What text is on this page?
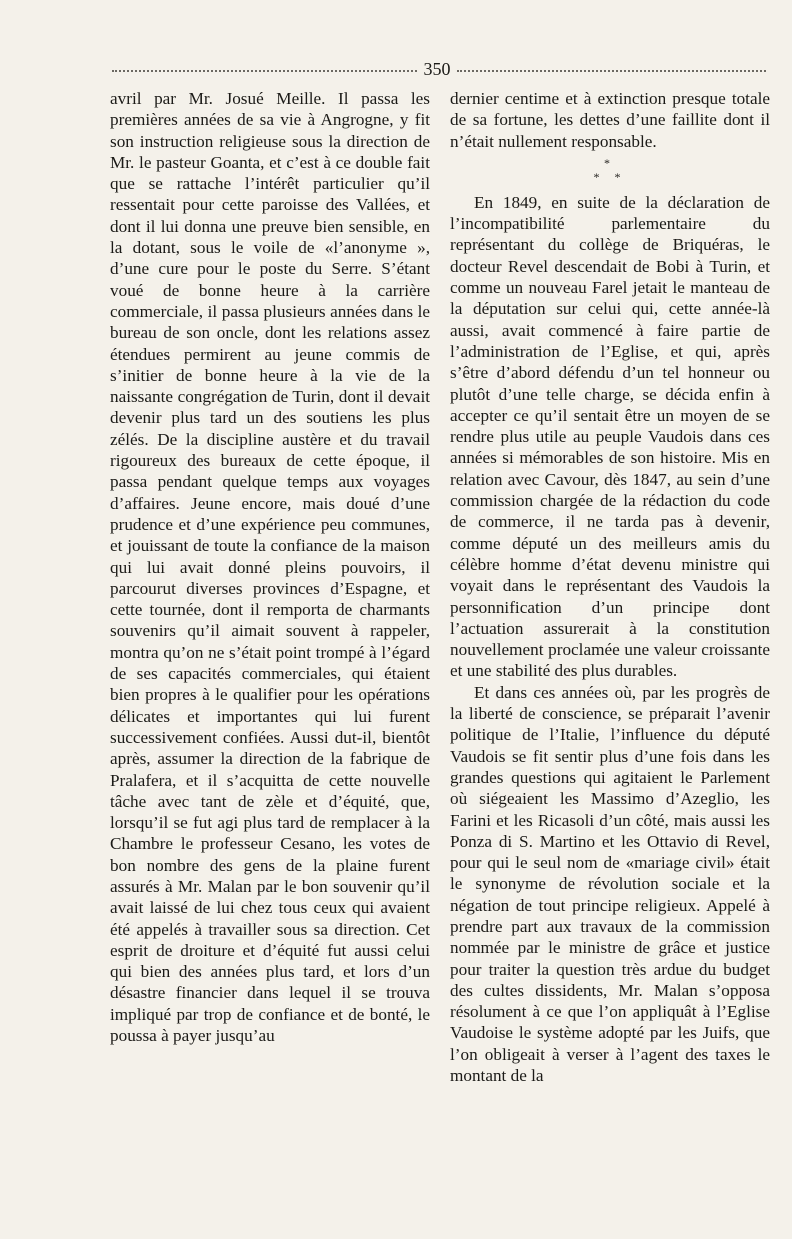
350

avril par Mr. Josué Meille. Il passa les premières années de sa vie à Angrogne, y fit son instruction religieuse sous la direction de Mr. le pasteur Goanta, et c’est à ce double fait que se rattache l’intérêt particulier qu’il ressentait pour cette paroisse des Vallées, et dont il lui donna une preuve bien sensible, en la dotant, sous le voile de «l’anonyme », d’une cure pour le poste du Serre. S’étant voué de bonne heure à la carrière commerciale, il passa plusieurs années dans le bureau de son oncle, dont les relations assez étendues permirent au jeune commis de s’initier de bonne heure à la vie de la naissante congrégation de Turin, dont il devait devenir plus tard un des soutiens les plus zélés. De la discipline austère et du travail rigoureux des bureaux de cette époque, il passa pendant quelque temps aux voyages d’affaires. Jeune encore, mais doué d’une prudence et d’une expérience peu communes, et jouissant de toute la confiance de la maison qui lui avait donné pleins pouvoirs, il parcourut diverses provinces d’Espagne, et cette tournée, dont il remporta de charmants souvenirs qu’il aimait souvent à rappeler, montra qu’on ne s’était point trompé à l’égard de ses capacités commerciales, qui étaient bien propres à le qualifier pour les opérations délicates et importantes qui lui furent successivement confiées. Aussi dut-il, bientôt après, assumer la direction de la fabrique de Pralafera, et il s’acquitta de cette nouvelle tâche avec tant de zèle et d’équité, que, lorsqu’il se fut agi plus tard de remplacer à la Chambre le professeur Cesano, les votes de bon nombre des gens de la plaine furent assurés à Mr. Malan par le bon souvenir qu’il avait laissé de lui chez tous ceux qui avaient été appelés à travailler sous sa direction. Cet esprit de droiture et d’équité fut aussi celui qui bien des années plus tard, et lors d’un désastre financier dans lequel il se trouva impliqué par trop de confiance et de bonté, le poussa à payer jusqu’au

dernier centime et à extinction presque totale de sa fortune, les dettes d’une faillite dont il n’était nullement responsable.

*
* *

En 1849, en suite de la déclaration de l’incompatibilité parlementaire du représentant du collège de Briquéras, le docteur Revel descendait de Bobi à Turin, et comme un nouveau Farel jetait le manteau de la députation sur celui qui, cette année-là aussi, avait commencé à faire partie de l’administration de l’Eglise, et qui, après s’être d’abord défendu d’un tel honneur ou plutôt d’une telle charge, se décida enfin à accepter ce qu’il sentait être un moyen de se rendre plus utile au peuple Vaudois dans ces années si mémorables de son histoire. Mis en relation avec Cavour, dès 1847, au sein d’une commission chargée de la rédaction du code de commerce, il ne tarda pas à devenir, comme député un des meilleurs amis du célèbre homme d’état devenu ministre qui voyait dans le représentant des Vaudois la personnification d’un principe dont l’actuation assurerait à la constitution nouvellement proclamée une valeur croissante et une stabilité des plus durables.

Et dans ces années où, par les progrès de la liberté de conscience, se préparait l’avenir politique de l’Italie, l’influence du député Vaudois se fit sentir plus d’une fois dans les grandes questions qui agitaient le Parlement où siégeaient les Massimo d’Azeglio, les Farini et les Ricasoli d’un côté, mais aussi les Ponza di S. Martino et les Ottavio di Revel, pour qui le seul nom de «mariage civil» était le synonyme de révolution sociale et la négation de tout principe religieux. Appelé à prendre part aux travaux de la commission nommée par le ministre de grâce et justice pour traiter la question très ardue du budget des cultes dissidents, Mr. Malan s’opposa résolument à ce que l’on appliquât à l’Eglise Vaudoise le système adopté par les Juifs, que l’on obligeait à verser à l’agent des taxes le montant de la
